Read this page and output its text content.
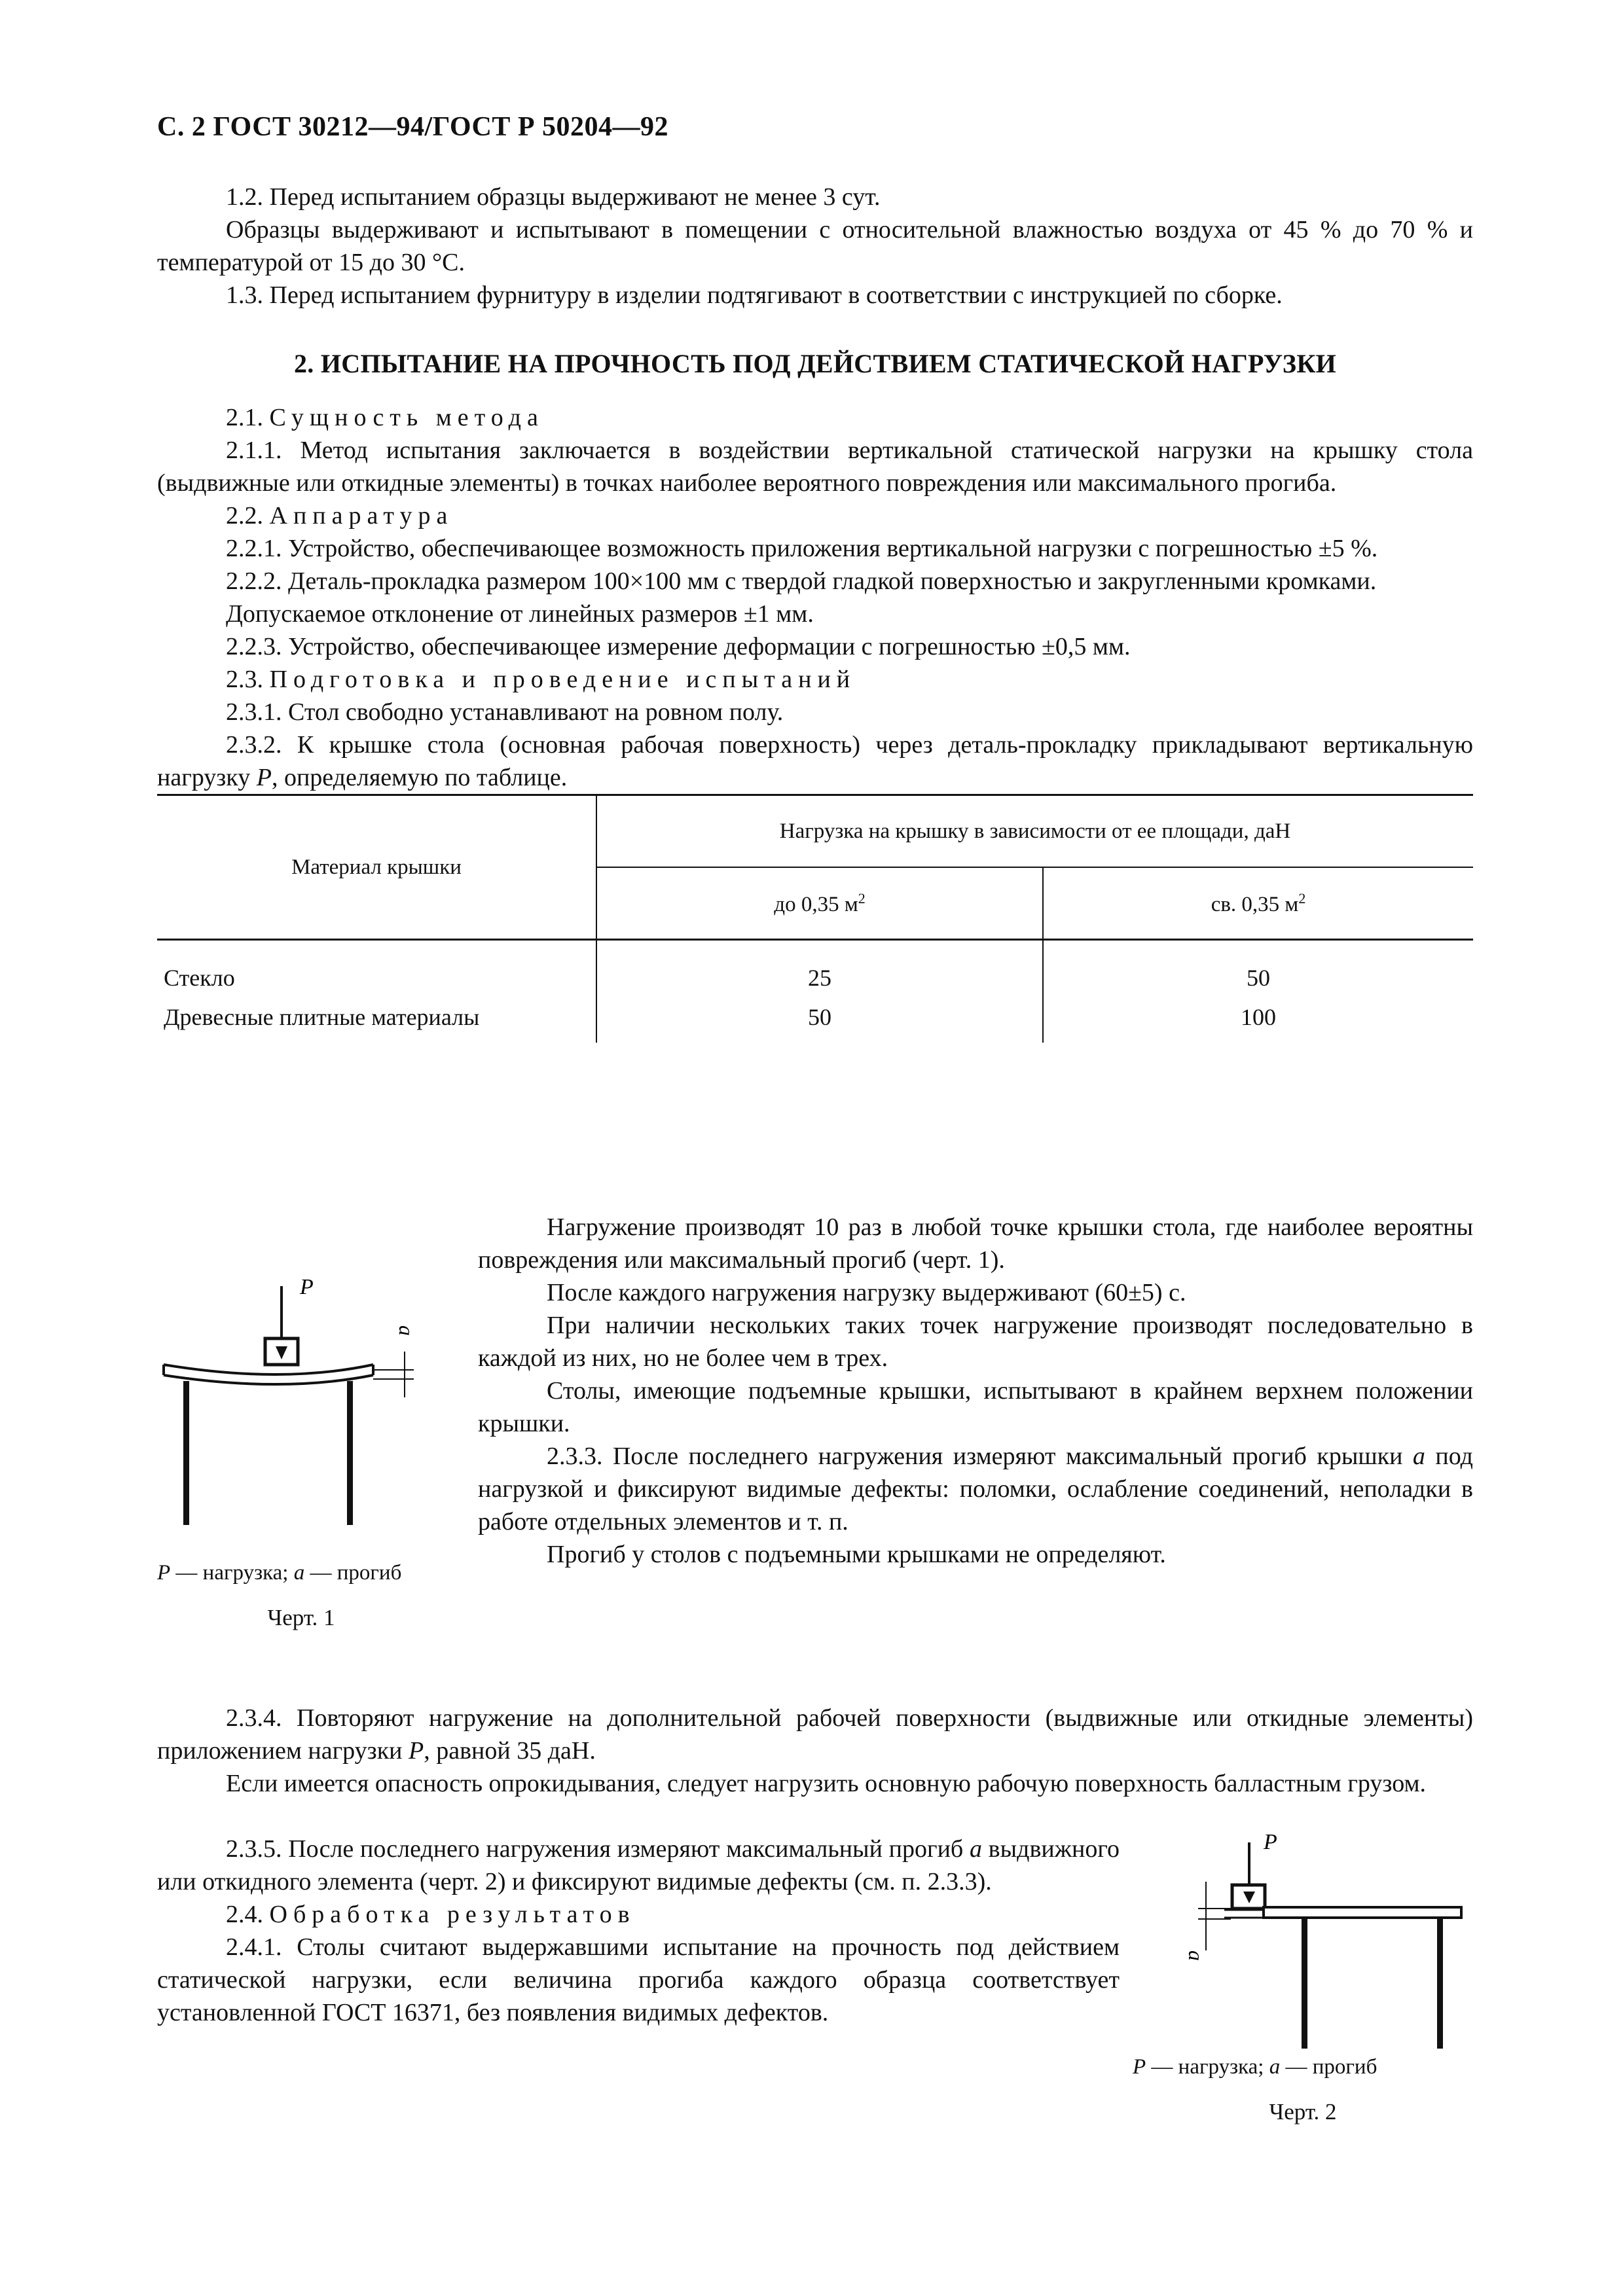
С. 2 ГОСТ 30212—94/ГОСТ Р 50204—92

1.2. Перед испытанием образцы выдерживают не менее 3 сут.

Образцы выдерживают и испытывают в помещении с относительной влажностью воздуха от 45 % до 70 % и температурой от 15 до 30 °С.

1.3. Перед испытанием фурнитуру в изделии подтягивают в соответствии с инструкцией по сборке.

2. ИСПЫТАНИЕ НА ПРОЧНОСТЬ ПОД ДЕЙСТВИЕМ СТАТИЧЕСКОЙ НАГРУЗКИ

2.1. Сущность метода

2.1.1. Метод испытания заключается в воздействии вертикальной статической нагрузки на крышку стола (выдвижные или откидные элементы) в точках наиболее вероятного повреждения или максимального прогиба.

2.2. Аппаратура

2.2.1. Устройство, обеспечивающее возможность приложения вертикальной нагрузки с погрешностью ±5 %.

2.2.2. Деталь-прокладка размером 100×100 мм с твердой гладкой поверхностью и закругленными кромками.

Допускаемое отклонение от линейных размеров ±1 мм.

2.2.3. Устройство, обеспечивающее измерение деформации с погрешностью ±0,5 мм.

2.3. Подготовка и проведение испытаний

2.3.1. Стол свободно устанавливают на ровном полу.

2.3.2. К крышке стола (основная рабочая поверхность) через деталь-прокладку прикладывают вертикальную нагрузку P, определяемую по таблице.

Материал крышки	Нагрузка на крышку в зависимости от ее площади, даН	
	до 0,35 $м^2$	св. 0,35 $м^2$
Стекло	25	50
Древесные плитные материалы	50	100

Нагружение производят 10 раз в любой точке крышки стола, где наиболее вероятны повреждения или максимальный прогиб (черт. 1).

После каждого нагружения нагрузку выдерживают (60±5) с.

При наличии нескольких таких точек нагружение производят последовательно в каждой из них, но не более чем в трех.

Столы, имеющие подъемные крышки, испытывают в крайнем верхнем положении крышки.

2.3.3. После последнего нагружения измеряют максимальный прогиб крышки a под нагрузкой и фиксируют видимые дефекты: поломки, ослабление соединений, неполадки в работе отдельных элементов и т. п.

Прогиб у столов с подъемными крышками не определяют.

P
a
P — нагрузка; a — прогиб
Черт. 1

2.3.4. Повторяют нагружение на дополнительной рабочей поверхности (выдвижные или откидные элементы) приложением нагрузки P, равной 35 даН.

Если имеется опасность опрокидывания, следует нагрузить основную рабочую поверхность балластным грузом.

2.3.5. После последнего нагружения измеряют максимальный прогиб a выдвижного или откидного элемента (черт. 2) и фиксируют видимые дефекты (см. п. 2.3.3).

2.4. Обработка результатов

2.4.1. Столы считают выдержавшими испытание на прочность под действием статической нагрузки, если величина прогиба каждого образца соответствует установленной ГОСТ 16371, без появления видимых дефектов.

P
a
P — нагрузка; a — прогиб
Черт. 2
